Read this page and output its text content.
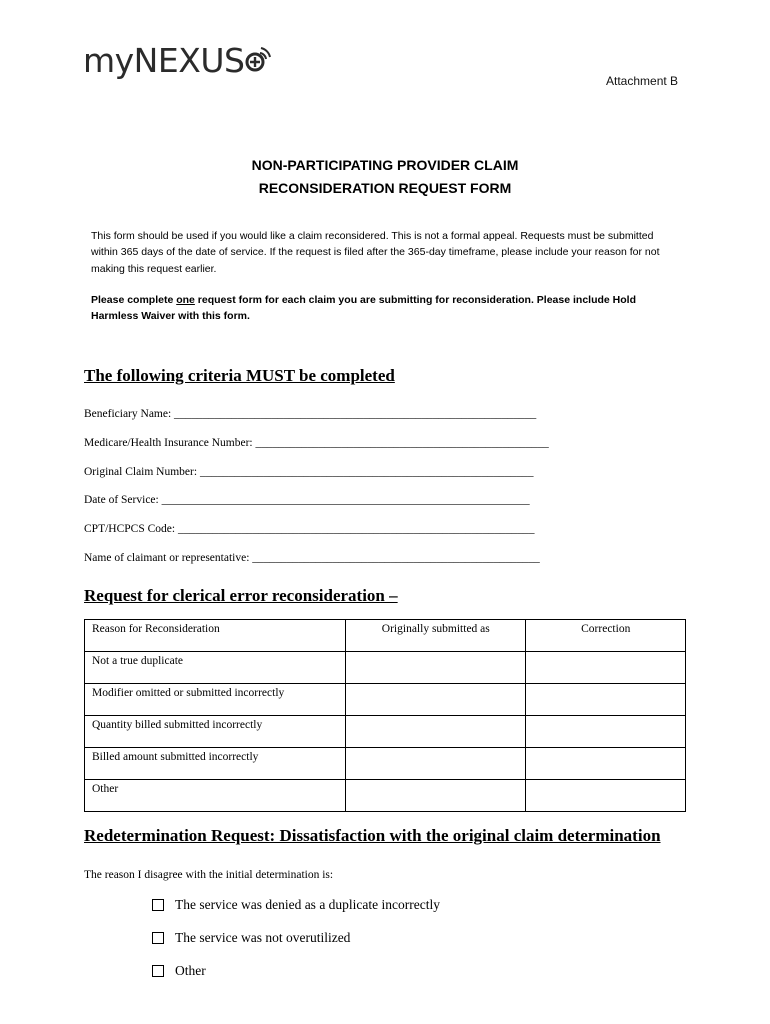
myNEXUS
Attachment B
NON-PARTICIPATING PROVIDER CLAIM
RECONSIDERATION REQUEST FORM
This form should be used if you would like a claim reconsidered. This is not a formal appeal. Requests must be submitted within 365 days of the date of service. If the request is filed after the 365-day timeframe, please include your reason for not making this request earlier.
Please complete one request form for each claim you are submitting for reconsideration. Please include Hold Harmless Waiver with this form.
The following criteria MUST be completed
Beneficiary Name: _______________________________________________________________
Medicare/Health Insurance Number: ___________________________________________________
Original Claim Number: __________________________________________________________
Date of Service: ________________________________________________________________
CPT/HCPCS Code: ______________________________________________________________
Name of claimant or representative: __________________________________________________
Request for clerical error reconsideration –
Reason for Reconsideration	Originally submitted as	Correction
Not a true duplicate		
Modifier omitted or submitted incorrectly		
Quantity billed submitted incorrectly		
Billed amount submitted incorrectly		
Other		
Redetermination Request: Dissatisfaction with the original claim determination
The reason I disagree with the initial determination is:
The service was denied as a duplicate incorrectly
The service was not overutilized
Other
